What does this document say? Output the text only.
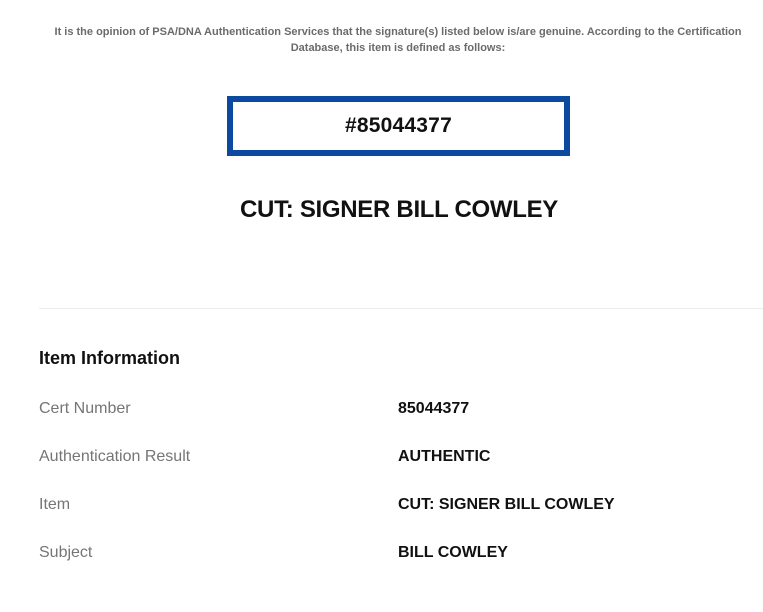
It is the opinion of PSA/DNA Authentication Services that the signature(s) listed below is/are genuine. According to the Certification Database, this item is defined as follows:

#85044377
CUT: SIGNER BILL COWLEY
Item Information
Cert Number	85044377
Authentication Result	AUTHENTIC
Item	CUT: SIGNER BILL COWLEY
Subject	BILL COWLEY
